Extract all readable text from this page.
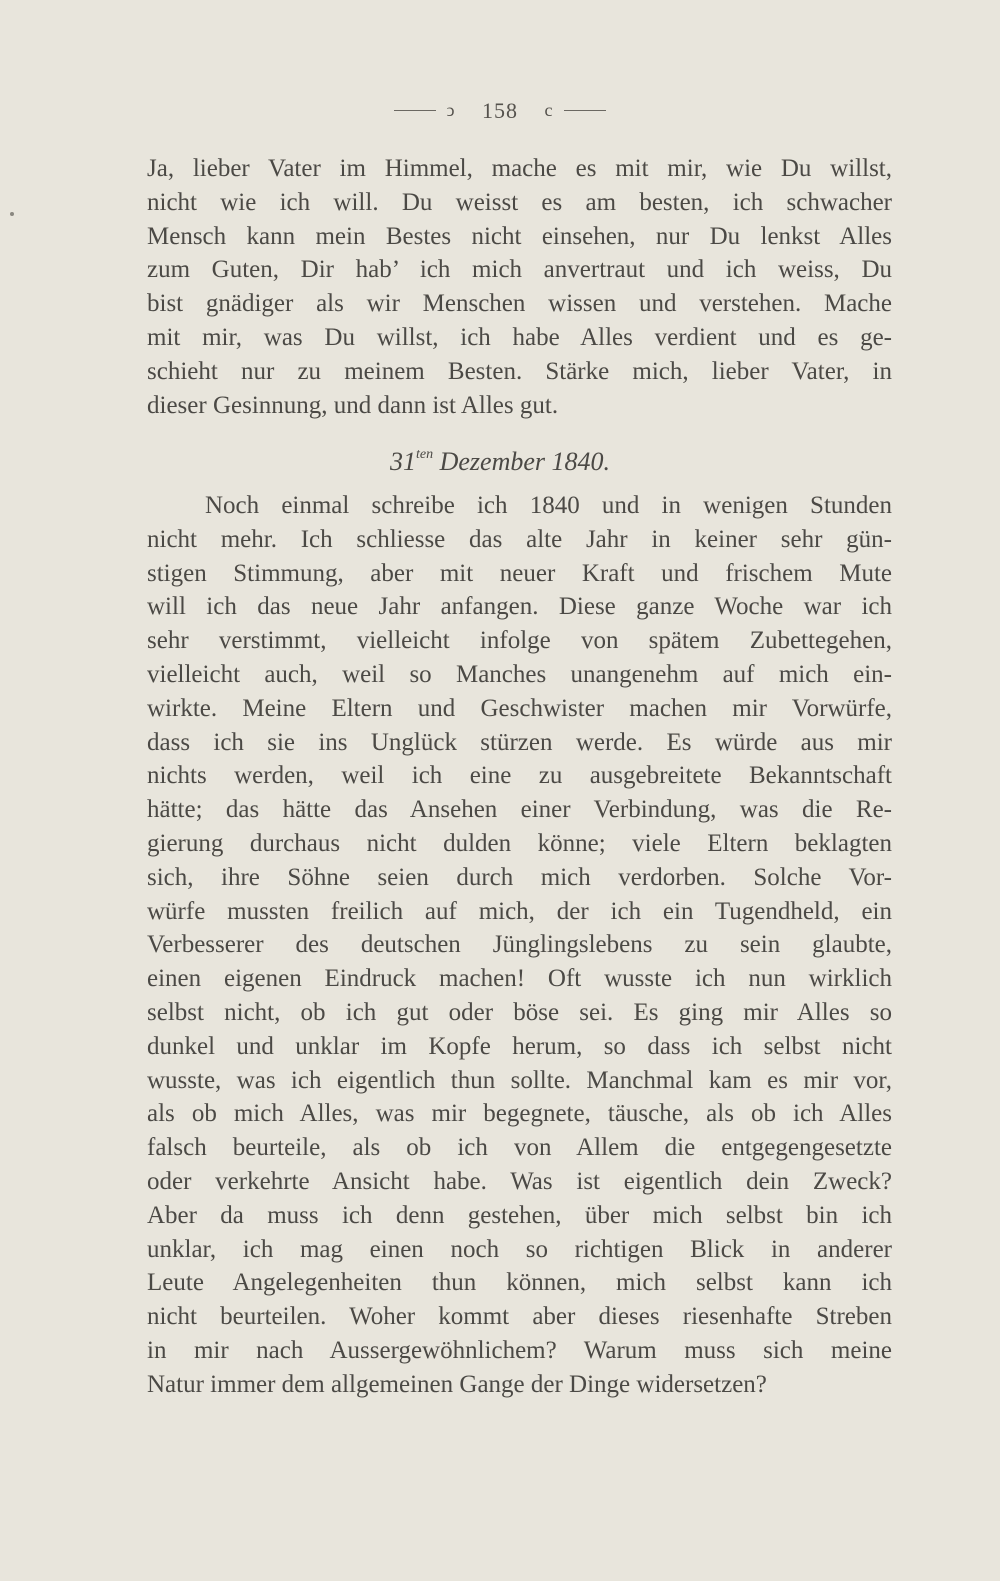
ↄ 158 c
Ja, lieber Vater im Himmel, mache es mit mir, wie Du willst,
nicht wie ich will. Du weisst es am besten, ich schwacher
Mensch kann mein Bestes nicht einsehen, nur Du lenkst Alles
zum Guten, Dir hab’ ich mich anvertraut und ich weiss, Du
bist gnädiger als wir Menschen wissen und verstehen. Mache
mit mir, was Du willst, ich habe Alles verdient und es ge-
schieht nur zu meinem Besten. Stärke mich, lieber Vater, in
dieser Gesinnung, und dann ist Alles gut.
$31^{ten}$ Dezember 1840.
Noch einmal schreibe ich 1840 und in wenigen Stunden
nicht mehr. Ich schliesse das alte Jahr in keiner sehr gün-
stigen Stimmung, aber mit neuer Kraft und frischem Mute
will ich das neue Jahr anfangen. Diese ganze Woche war ich
sehr verstimmt, vielleicht infolge von spätem Zubettegehen,
vielleicht auch, weil so Manches unangenehm auf mich ein-
wirkte. Meine Eltern und Geschwister machen mir Vorwürfe,
dass ich sie ins Unglück stürzen werde. Es würde aus mir
nichts werden, weil ich eine zu ausgebreitete Bekanntschaft
hätte; das hätte das Ansehen einer Verbindung, was die Re-
gierung durchaus nicht dulden könne; viele Eltern beklagten
sich, ihre Söhne seien durch mich verdorben. Solche Vor-
würfe mussten freilich auf mich, der ich ein Tugendheld, ein
Verbesserer des deutschen Jünglingslebens zu sein glaubte,
einen eigenen Eindruck machen! Oft wusste ich nun wirklich
selbst nicht, ob ich gut oder böse sei. Es ging mir Alles so
dunkel und unklar im Kopfe herum, so dass ich selbst nicht
wusste, was ich eigentlich thun sollte. Manchmal kam es mir vor,
als ob mich Alles, was mir begegnete, täusche, als ob ich Alles
falsch beurteile, als ob ich von Allem die entgegengesetzte
oder verkehrte Ansicht habe. Was ist eigentlich dein Zweck?
Aber da muss ich denn gestehen, über mich selbst bin ich
unklar, ich mag einen noch so richtigen Blick in anderer
Leute Angelegenheiten thun können, mich selbst kann ich
nicht beurteilen. Woher kommt aber dieses riesenhafte Streben
in mir nach Aussergewöhnlichem? Warum muss sich meine
Natur immer dem allgemeinen Gange der Dinge widersetzen?
